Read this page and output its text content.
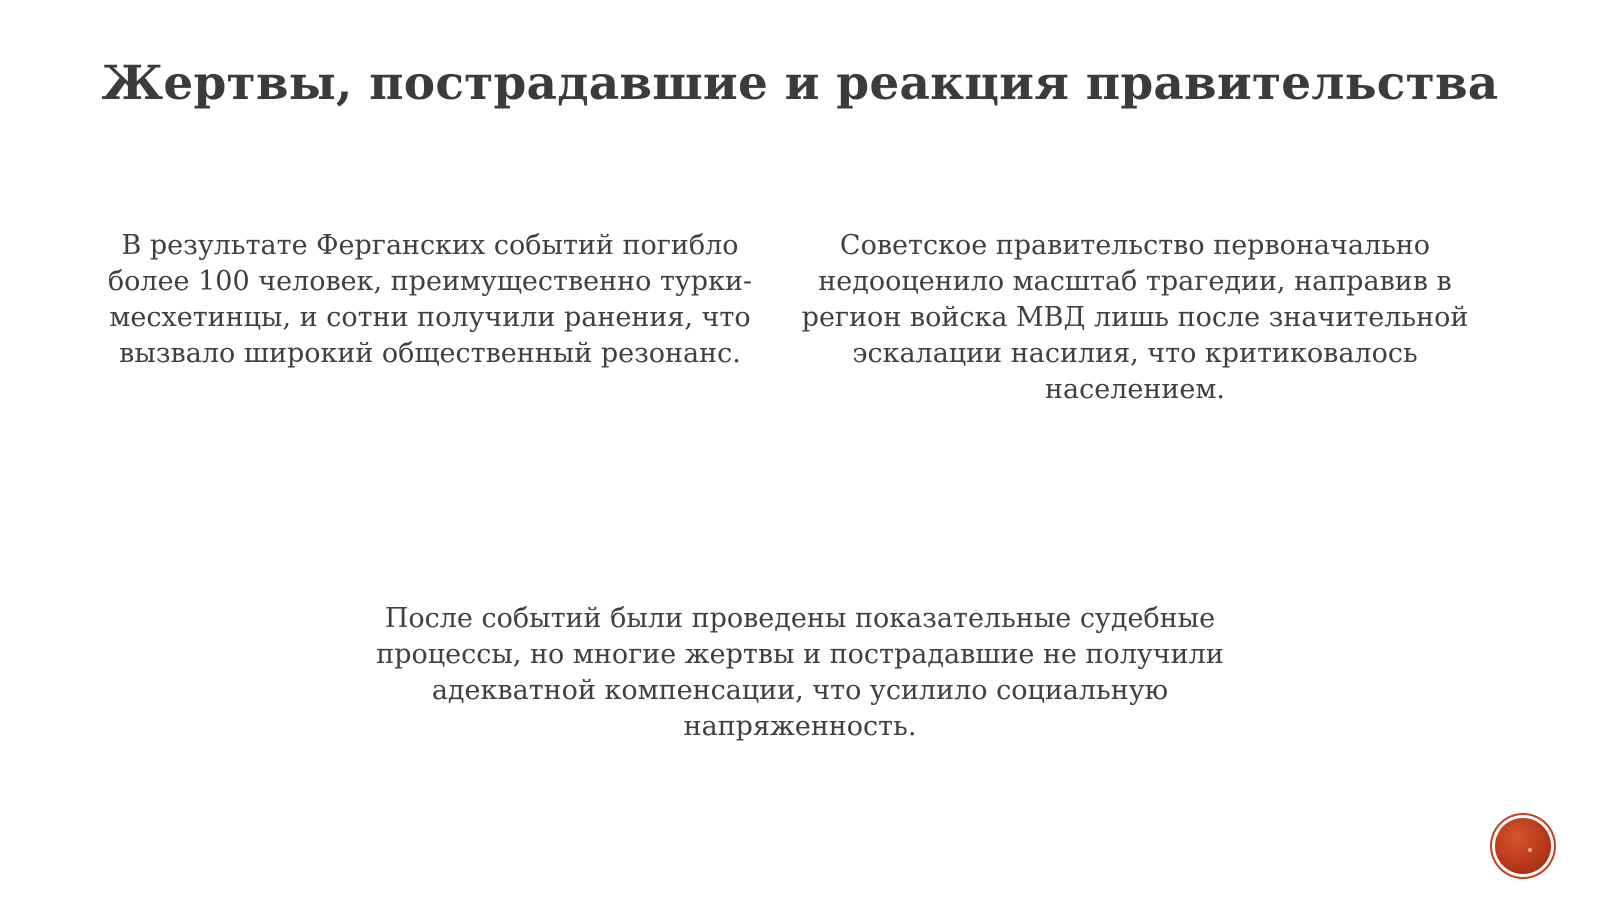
Жертвы, пострадавшие и реакция правительства

В результате Ферганских событий погибло более 100 человек, преимущественно турки-месхетинцы, и сотни получили ранения, что вызвало широкий общественный резонанс.

Советское правительство первоначально недооценило масштаб трагедии, направив в регион войска МВД лишь после значительной эскалации насилия, что критиковалось населением.

После событий были проведены показательные судебные процессы, но многие жертвы и пострадавшие не получили адекватной компенсации, что усилило социальную напряженность.
